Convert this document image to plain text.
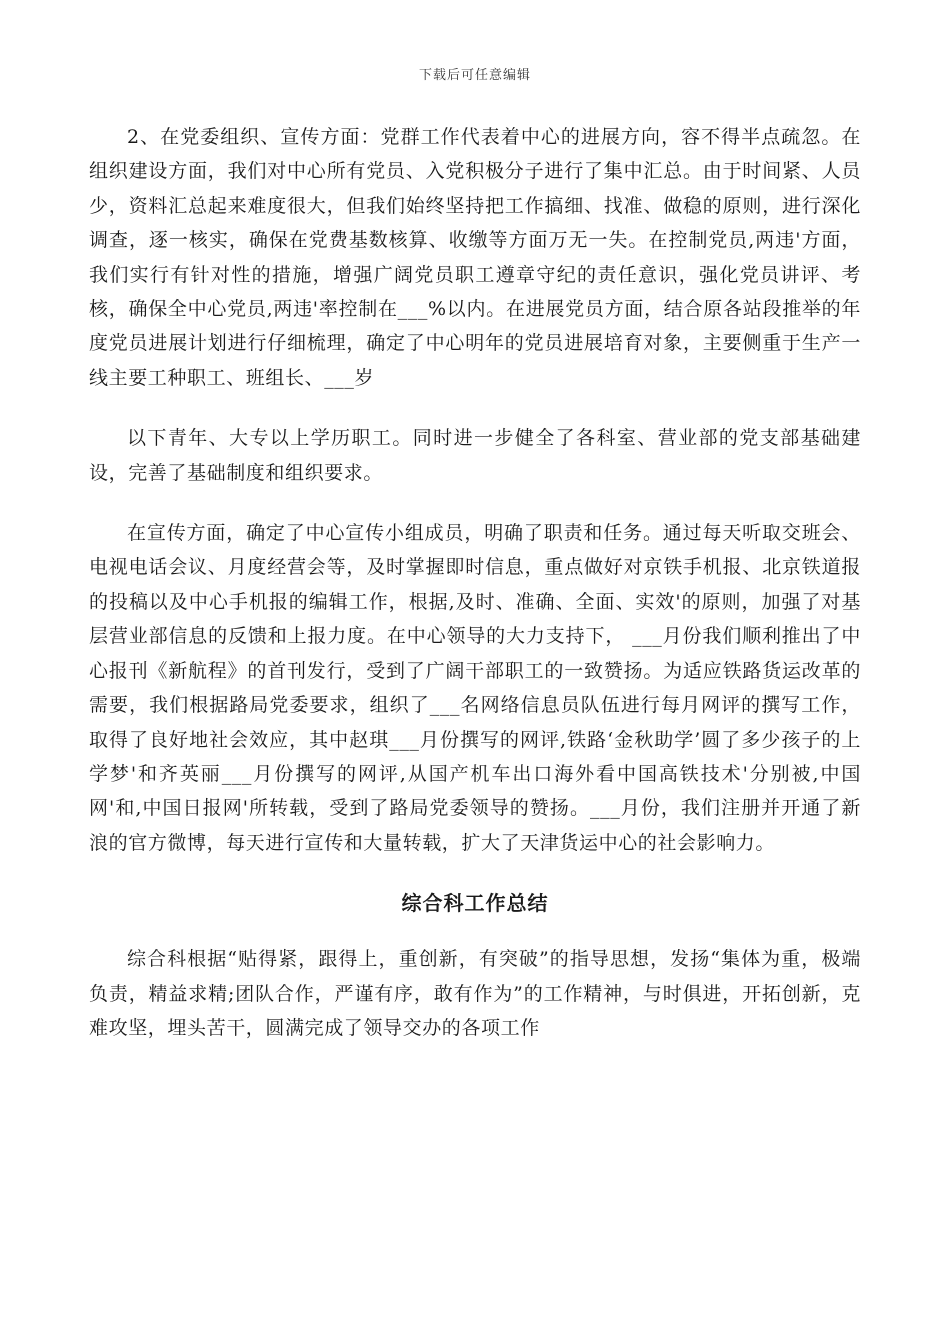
下载后可任意编辑

2、在党委组织、宣传方面：党群工作代表着中心的进展方向，容不得半点疏忽。在组织建设方面，我们对中心所有党员、入党积极分子进行了集中汇总。由于时间紧、人员少，资料汇总起来难度很大，但我们始终坚持把工作搞细、找准、做稳的原则，进行深化调查，逐一核实，确保在党费基数核算、收缴等方面万无一失。在控制党员,两违'方面，我们实行有针对性的措施，增强广阔党员职工遵章守纪的责任意识，强化党员讲评、考核，确保全中心党员,两违'率控制在___%以内。在进展党员方面，结合原各站段推举的年度党员进展计划进行仔细梳理，确定了中心明年的党员进展培育对象，主要侧重于生产一线主要工种职工、班组长、___岁

以下青年、大专以上学历职工。同时进一步健全了各科室、营业部的党支部基础建设，完善了基础制度和组织要求。

在宣传方面，确定了中心宣传小组成员，明确了职责和任务。通过每天听取交班会、电视电话会议、月度经营会等，及时掌握即时信息，重点做好对京铁手机报、北京铁道报的投稿以及中心手机报的编辑工作，根据,及时、准确、全面、实效'的原则，加强了对基层营业部信息的反馈和上报力度。在中心领导的大力支持下， ___月份我们顺利推出了中心报刊《新航程》的首刊发行，受到了广阔干部职工的一致赞扬。为适应铁路货运改革的需要，我们根据路局党委要求，组织了___名网络信息员队伍进行每月网评的撰写工作，取得了良好地社会效应，其中赵琪___月份撰写的网评,铁路‘金秋助学’圆了多少孩子的上学梦'和齐英丽___月份撰写的网评,从国产机车出口海外看中国高铁技术'分别被,中国网'和,中国日报网'所转载，受到了路局党委领导的赞扬。___月份，我们注册并开通了新浪的官方微博，每天进行宣传和大量转载，扩大了天津货运中心的社会影响力。

综合科工作总结

综合科根据“贴得紧，跟得上，重创新，有突破”的指导思想，发扬“集体为重，极端负责，精益求精;团队合作，严谨有序，敢有作为”的工作精神，与时俱进，开拓创新，克难攻坚，埋头苦干，圆满完成了领导交办的各项工作
